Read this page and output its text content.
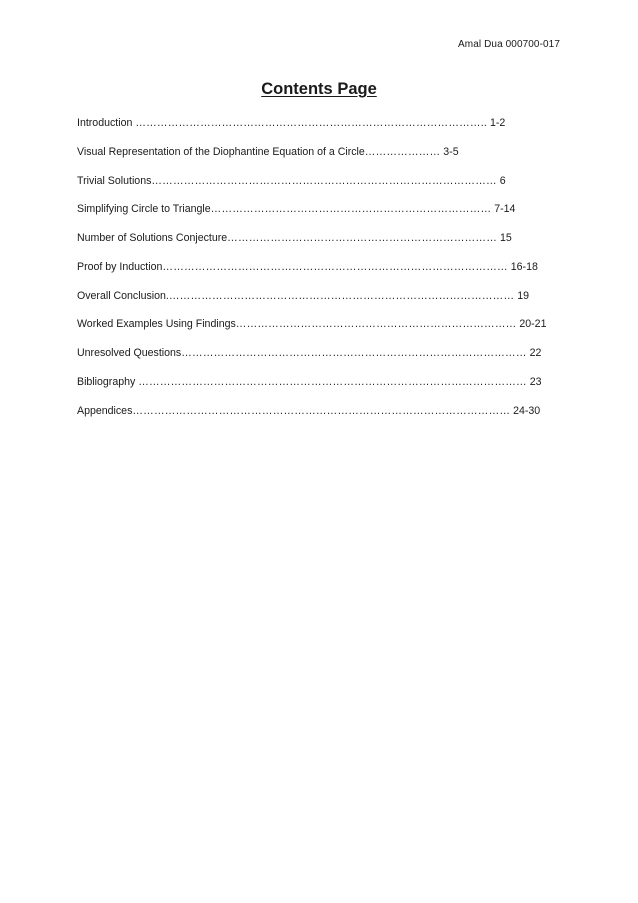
Amal Dua 000700-017
Contents Page
Introduction …………………………………………………………………………………….. 1-2
Visual Representation of the Diophantine Equation of a Circle………………… 3-5
Trivial Solutions…………………………………………………………………………………… 6
Simplifying Circle to Triangle…………………………………………………………………… 7-14
Number of Solutions Conjecture………………………………………………………………… 15
Proof by Induction…………………………………………………………………………………… 16-18
Overall Conclusion.…………………………………………………………………………………… 19
Worked Examples Using Findings…………………………………………………………………… 20-21
Unresolved Questions…………………………………………………………………………………… 22
Bibliography ……………………………………………………………………………………………… 23
Appendices…………………………………………………………………………………………… 24-30
